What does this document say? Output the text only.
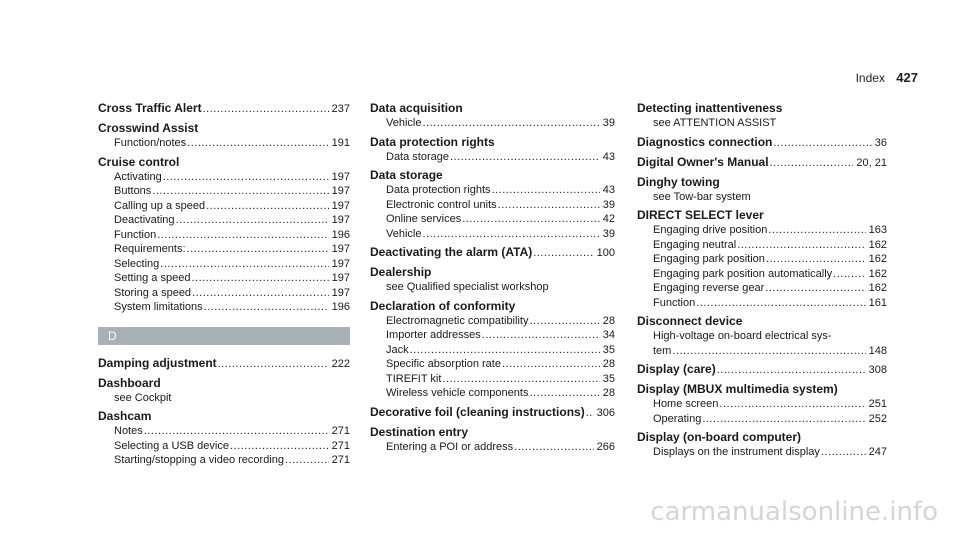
Index 427
Cross Traffic Alert .....	237
Crosswind Assist
Function/notes .....	191
Cruise control
Activating .....	197
Buttons .....	197
Calling up a speed .....	197
Deactivating .....	197
Function .....	196
Requirements: .....	197
Selecting .....	197
Setting a speed .....	197
Storing a speed .....	197
System limitations .....	196
D
Damping adjustment .....	222
Dashboard
see Cockpit
Dashcam
Notes .....	271
Selecting a USB device .....	271
Starting/stopping a video recording .....	271
Data acquisition
Vehicle .....	39
Data protection rights
Data storage .....	43
Data storage
Data protection rights .....	43
Electronic control units .....	39
Online services .....	42
Vehicle .....	39
Deactivating the alarm (ATA) .....	100
Dealership
see Qualified specialist workshop
Declaration of conformity
Electromagnetic compatibility .....	28
Importer addresses .....	34
Jack .....	35
Specific absorption rate .....	28
TIREFIT kit .....	35
Wireless vehicle components .....	28
Decorative foil (cleaning instructions) ..... 306
Destination entry
Entering a POI or address .....	266
Detecting inattentiveness
see ATTENTION ASSIST
Diagnostics connection .....	36
Digital Owner's Manual .....	20, 21
Dinghy towing
see Tow-bar system
DIRECT SELECT lever
Engaging drive position .....	163
Engaging neutral .....	162
Engaging park position .....	162
Engaging park position automatically .....	162
Engaging reverse gear .....	162
Function .....	161
Disconnect device
High-voltage on-board electrical sys-
tem .....	148
Display (care) .....	308
Display (MBUX multimedia system)
Home screen .....	251
Operating .....	252
Display (on-board computer)
Displays on the instrument display .....	247
carmanualsonline.info
